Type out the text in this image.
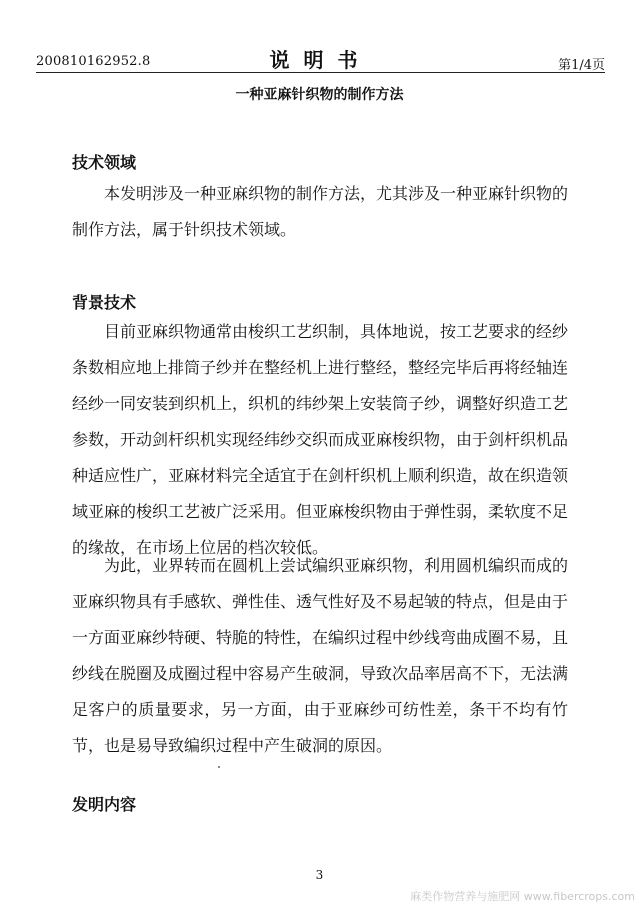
200810162952.8	说明书	第1/4页
一种亚麻针织物的制作方法
技术领域

本发明涉及一种亚麻织物的制作方法，尤其涉及一种亚麻针织物的制作方法，属于针织技术领域。

背景技术

目前亚麻织物通常由梭织工艺织制，具体地说，按工艺要求的经纱条数相应地上排筒子纱并在整经机上进行整经，整经完毕后再将经轴连经纱一同安装到织机上，织机的纬纱架上安装筒子纱，调整好织造工艺参数，开动剑杆织机实现经纬纱交织而成亚麻梭织物，由于剑杆织机品种适应性广，亚麻材料完全适宜于在剑杆织机上顺利织造，故在织造领域亚麻的梭织工艺被广泛采用。但亚麻梭织物由于弹性弱，柔软度不足的缘故，在市场上位居的档次较低。

为此，业界转而在圆机上尝试编织亚麻织物，利用圆机编织而成的亚麻织物具有手感软、弹性佳、透气性好及不易起皱的特点，但是由于一方面亚麻纱特硬、特脆的特性，在编织过程中纱线弯曲成圈不易，且纱线在脱圈及成圈过程中容易产生破洞，导致次品率居高不下，无法满足客户的质量要求，另一方面，由于亚麻纱可纺性差，条干不均有竹节，也是易导致编织过程中产生破洞的原因。

发明内容
3
麻类作物营养与施肥网 www.fibercrops.com
